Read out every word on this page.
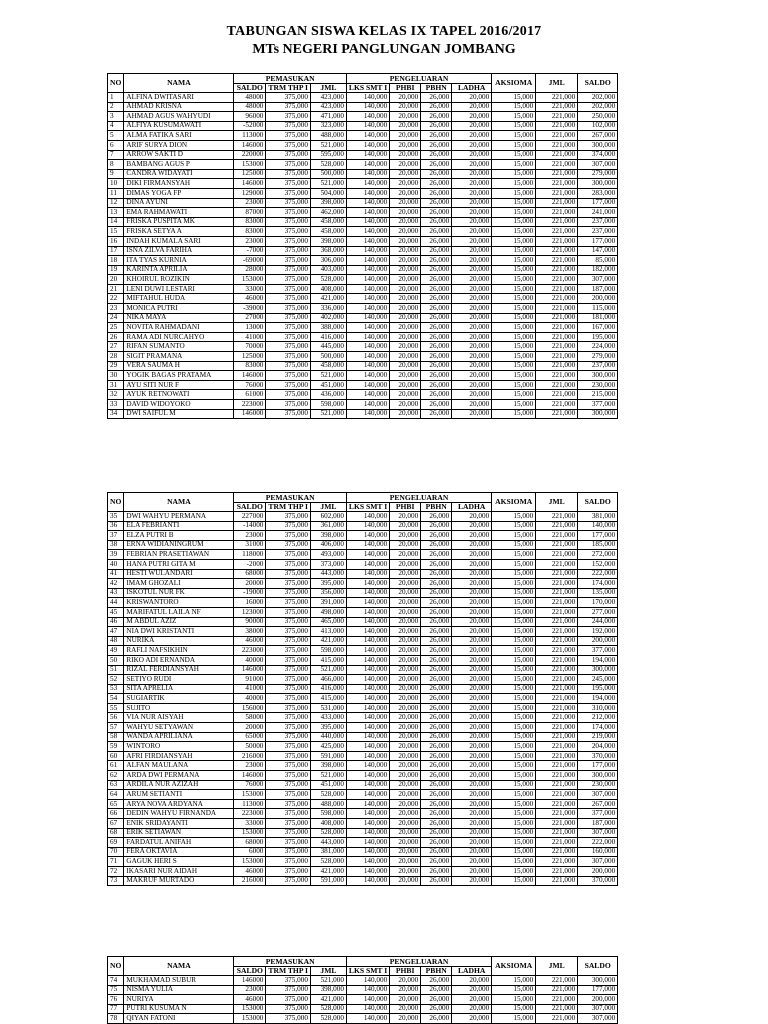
TABUNGAN SISWA KELAS IX TAPEL 2016/2017
MTs NEGERI PANGLUNGAN JOMBANG
NO	NAMA	PEMASUKAN			PENGELUARAN				AKSIOMA	JML	SALDO
		SALDO	TRM THP I	JML	LKS SMT I	PHBI	PBHN	LADHA			
1	ALFINA DWITASARI	48000	375,000	423,000	140,000	20,000	26,000	20,000	15,000	221,000	202,000
2	AHMAD KRISNA	48000	375,000	423,000	140,000	20,000	26,000	20,000	15,000	221,000	202,000
3	AHMAD AGUS WAHYUDI	96000	375,000	471,000	140,000	20,000	26,000	20,000	15,000	221,000	250,000
4	ALFIYA KUSUMAWATI	-52000	375,000	323,000	140,000	20,000	26,000	20,000	15,000	221,000	102,000
5	ALMA FATIKA SARI	113000	375,000	488,000	140,000	20,000	26,000	20,000	15,000	221,000	267,000
6	ARIF SURYA DION	146000	375,000	521,000	140,000	20,000	26,000	20,000	15,000	221,000	300,000
7	ARROW SAKTI D	220000	375,000	595,000	140,000	20,000	26,000	20,000	15,000	221,000	374,000
8	BAMBANG AGUS P	153000	375,000	528,000	140,000	20,000	26,000	20,000	15,000	221,000	307,000
9	CANDRA WIDAYATI	125000	375,000	500,000	140,000	20,000	26,000	20,000	15,000	221,000	279,000
10	DIKI FIRMANSYAH	146000	375,000	521,000	140,000	20,000	26,000	20,000	15,000	221,000	300,000
11	DIMAS YOGA FP	129000	375,000	504,000	140,000	20,000	26,000	20,000	15,000	221,000	283,000
12	DINA AYUNI	23000	375,000	398,000	140,000	20,000	26,000	20,000	15,000	221,000	177,000
13	EMA RAHMAWATI	87000	375,000	462,000	140,000	20,000	26,000	20,000	15,000	221,000	241,000
14	FRISKA PUSPITA MK	83000	375,000	458,000	140,000	20,000	26,000	20,000	15,000	221,000	237,000
15	FRISKA SETYA A	83000	375,000	458,000	140,000	20,000	26,000	20,000	15,000	221,000	237,000
16	INDAH KUMALA SARI	23000	375,000	398,000	140,000	20,000	26,000	20,000	15,000	221,000	177,000
17	ISNA ZILVA FARIHA	-7000	375,000	368,000	140,000	20,000	26,000	20,000	15,000	221,000	147,000
18	ITA TYAS KURNIA	-69000	375,000	306,000	140,000	20,000	26,000	20,000	15,000	221,000	85,000
19	KARINTA APRILIA	28000	375,000	403,000	140,000	20,000	26,000	20,000	15,000	221,000	182,000
20	KHOIRUL ROZIKIN	153000	375,000	528,000	140,000	20,000	26,000	20,000	15,000	221,000	307,000
21	LENI DUWI LESTARI	33000	375,000	408,000	140,000	20,000	26,000	20,000	15,000	221,000	187,000
22	MIFTAHUL HUDA	46000	375,000	421,000	140,000	20,000	26,000	20,000	15,000	221,000	200,000
23	MONICA PUTRI	-39000	375,000	336,000	140,000	20,000	26,000	20,000	15,000	221,000	115,000
24	NIKA MAYA	27000	375,000	402,000	140,000	20,000	26,000	20,000	15,000	221,000	181,000
25	NOVITA RAHMADANI	13000	375,000	388,000	140,000	20,000	26,000	20,000	15,000	221,000	167,000
26	RAMA ADI NURCAHYO	41000	375,000	416,000	140,000	20,000	26,000	20,000	15,000	221,000	195,000
27	RIFAN SUMANTO	70000	375,000	445,000	140,000	20,000	26,000	20,000	15,000	221,000	224,000
28	SIGIT PRAMANA	125000	375,000	500,000	140,000	20,000	26,000	20,000	15,000	221,000	279,000
29	VERA SAUMA H	83000	375,000	458,000	140,000	20,000	26,000	20,000	15,000	221,000	237,000
30	YOGIK BAGAS PRATAMA	146000	375,000	521,000	140,000	20,000	26,000	20,000	15,000	221,000	300,000
31	AYU SITI NUR F	76000	375,000	451,000	140,000	20,000	26,000	20,000	15,000	221,000	230,000
32	AYUK RETNOWATI	61000	375,000	436,000	140,000	20,000	26,000	20,000	15,000	221,000	215,000
33	DAVID WIDOYOKO	223000	375,000	598,000	140,000	20,000	26,000	20,000	15,000	221,000	377,000
34	DWI SAIFUL M	146000	375,000	521,000	140,000	20,000	26,000	20,000	15,000	221,000	300,000
NO	NAMA	PEMASUKAN			PENGELUARAN				AKSIOMA	JML	SALDO
		SALDO	TRM THP I	JML	LKS SMT I	PHBI	PBHN	LADHA			
35	DWI WAHYU PERMANA	227000	375,000	602,000	140,000	20,000	26,000	20,000	15,000	221,000	381,000
36	ELA FEBRIANTI	-14000	375,000	361,000	140,000	20,000	26,000	20,000	15,000	221,000	140,000
37	ELZA PUTRI B	23000	375,000	398,000	140,000	20,000	26,000	20,000	15,000	221,000	177,000
38	ERNA WIDIANINGRUM	31000	375,000	406,000	140,000	20,000	26,000	20,000	15,000	221,000	185,000
39	FEBRIAN PRASETIAWAN	118000	375,000	493,000	140,000	20,000	26,000	20,000	15,000	221,000	272,000
40	HANA PUTRI GITA M	-2000	375,000	373,000	140,000	20,000	26,000	20,000	15,000	221,000	152,000
41	HESTI WULANDARI	68000	375,000	443,000	140,000	20,000	26,000	20,000	15,000	221,000	222,000
42	IMAM GHOZALI	20000	375,000	395,000	140,000	20,000	26,000	20,000	15,000	221,000	174,000
43	ISKOTUL NUR FK	-19000	375,000	356,000	140,000	20,000	26,000	20,000	15,000	221,000	135,000
44	KRISWANTORO	16000	375,000	391,000	140,000	20,000	26,000	20,000	15,000	221,000	170,000
45	MARIFATUL LAILA NF	123000	375,000	498,000	140,000	20,000	26,000	20,000	15,000	221,000	277,000
46	M ABDUL AZIZ	90000	375,000	465,000	140,000	20,000	26,000	20,000	15,000	221,000	244,000
47	NIA DWI KRISTANTI	38000	375,000	413,000	140,000	20,000	26,000	20,000	15,000	221,000	192,000
48	NURIKA	46000	375,000	421,000	140,000	20,000	26,000	20,000	15,000	221,000	200,000
49	RAFLI NAFSIKHIN	223000	375,000	598,000	140,000	20,000	26,000	20,000	15,000	221,000	377,000
50	RIKO ADI ERNANDA	40000	375,000	415,000	140,000	20,000	26,000	20,000	15,000	221,000	194,000
51	RIZAL FERDIANSYAH	146000	375,000	521,000	140,000	20,000	26,000	20,000	15,000	221,000	300,000
52	SETIYO RUDI	91000	375,000	466,000	140,000	20,000	26,000	20,000	15,000	221,000	245,000
53	SITA APRELIA	41000	375,000	416,000	140,000	20,000	26,000	20,000	15,000	221,000	195,000
54	SUGIARTIK	40000	375,000	415,000	140,000	20,000	26,000	20,000	15,000	221,000	194,000
55	SUJITO	156000	375,000	531,000	140,000	20,000	26,000	20,000	15,000	221,000	310,000
56	VIA NUR AISYAH	58000	375,000	433,000	140,000	20,000	26,000	20,000	15,000	221,000	212,000
57	WAHYU SETYAWAN	20000	375,000	395,000	140,000	20,000	26,000	20,000	15,000	221,000	174,000
58	WANDA APRILIANA	65000	375,000	440,000	140,000	20,000	26,000	20,000	15,000	221,000	219,000
59	WINTORO	50000	375,000	425,000	140,000	20,000	26,000	20,000	15,000	221,000	204,000
60	AFRI FIRDIANSYAH	216000	375,000	591,000	140,000	20,000	26,000	20,000	15,000	221,000	370,000
61	ALFAN MAULANA	23000	375,000	398,000	140,000	20,000	26,000	20,000	15,000	221,000	177,000
62	ARDA DWI PERMANA	146000	375,000	521,000	140,000	20,000	26,000	20,000	15,000	221,000	300,000
63	ARDILA NUR AZIZAH	76000	375,000	451,000	140,000	20,000	26,000	20,000	15,000	221,000	230,000
64	ARUM SETIANTI	153000	375,000	528,000	140,000	20,000	26,000	20,000	15,000	221,000	307,000
65	ARYA NOVA ARDYANA	113000	375,000	488,000	140,000	20,000	26,000	20,000	15,000	221,000	267,000
66	DEDIN WAHYU FIRNANDA	223000	375,000	598,000	140,000	20,000	26,000	20,000	15,000	221,000	377,000
67	ENIK SRIDAYANTI	33000	375,000	408,000	140,000	20,000	26,000	20,000	15,000	221,000	187,000
68	ERIK SETIAWAN	153000	375,000	528,000	140,000	20,000	26,000	20,000	15,000	221,000	307,000
69	FARDATUL ANIFAH	68000	375,000	443,000	140,000	20,000	26,000	20,000	15,000	221,000	222,000
70	FERA OKTAVIA	6000	375,000	381,000	140,000	20,000	26,000	20,000	15,000	221,000	160,000
71	GAGUK HERI S	153000	375,000	528,000	140,000	20,000	26,000	20,000	15,000	221,000	307,000
72	IKASARI NUR AIDAH	46000	375,000	421,000	140,000	20,000	26,000	20,000	15,000	221,000	200,000
73	MAKRUF MURTADO	216000	375,000	591,000	140,000	20,000	26,000	20,000	15,000	221,000	370,000
NO	NAMA	PEMASUKAN			PENGELUARAN				AKSIOMA	JML	SALDO
		SALDO	TRM THP I	JML	LKS SMT I	PHBI	PBHN	LADHA			
74	MUKHAMAD SUBUR	146000	375,000	521,000	140,000	20,000	26,000	20,000	15,000	221,000	300,000
75	NISMA YULIA	23000	375,000	398,000	140,000	20,000	26,000	20,000	15,000	221,000	177,000
76	NURIYA	46000	375,000	421,000	140,000	20,000	26,000	20,000	15,000	221,000	200,000
77	PUTRI KUSUMA N	153000	375,000	528,000	140,000	20,000	26,000	20,000	15,000	221,000	307,000
78	QIYAN FATONI	153000	375,000	528,000	140,000	20,000	26,000	20,000	15,000	221,000	307,000
